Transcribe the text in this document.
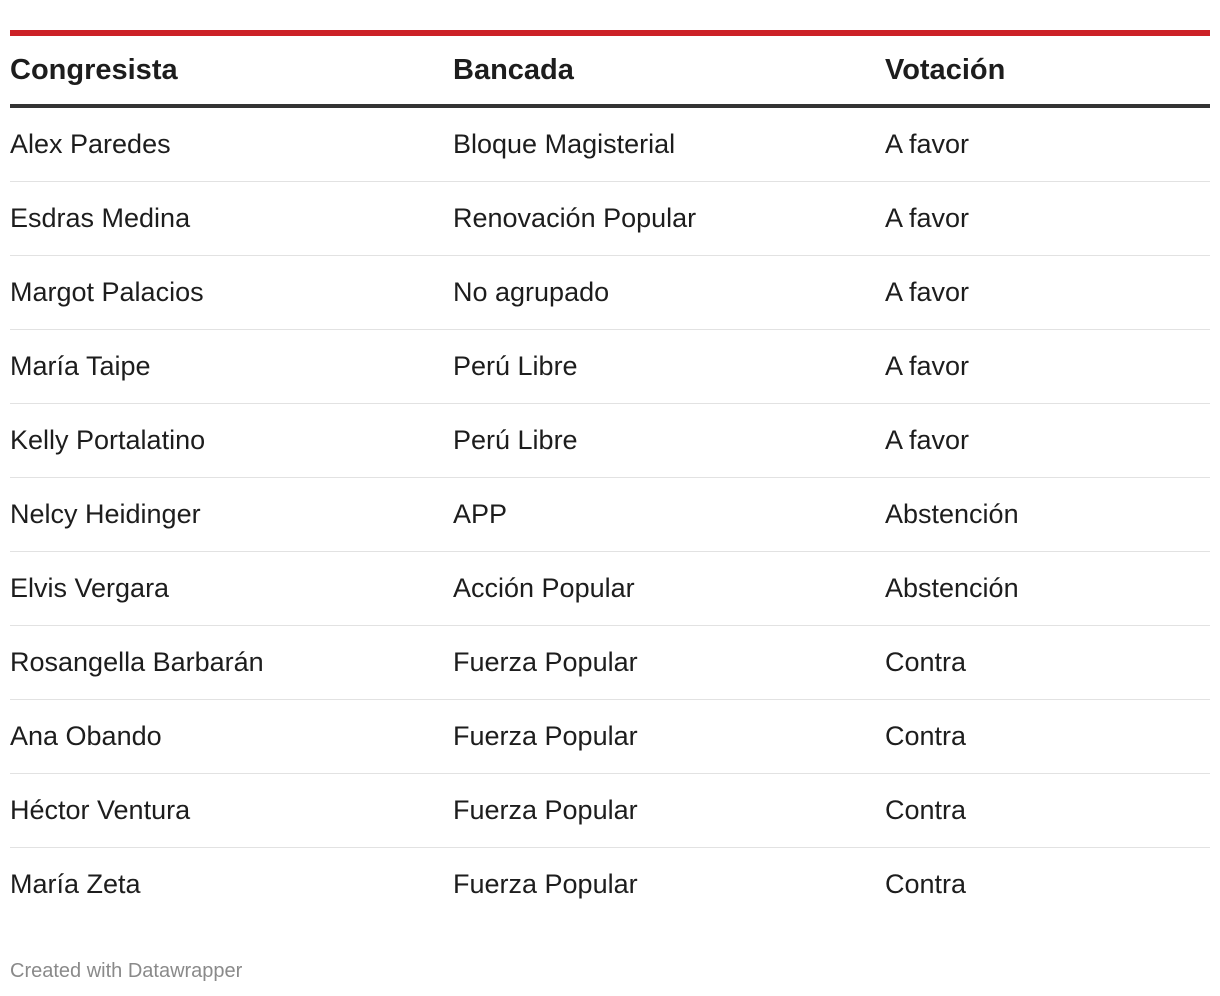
Congresista	Bancada	Votación
Alex Paredes	Bloque Magisterial	A favor
Esdras Medina	Renovación Popular	A favor
Margot Palacios	No agrupado	A favor
María Taipe	Perú Libre	A favor
Kelly Portalatino	Perú Libre	A favor
Nelcy Heidinger	APP	Abstención
Elvis Vergara	Acción Popular	Abstención
Rosangella Barbarán	Fuerza Popular	Contra
Ana Obando	Fuerza Popular	Contra
Héctor Ventura	Fuerza Popular	Contra
María Zeta	Fuerza Popular	Contra
Created with Datawrapper
